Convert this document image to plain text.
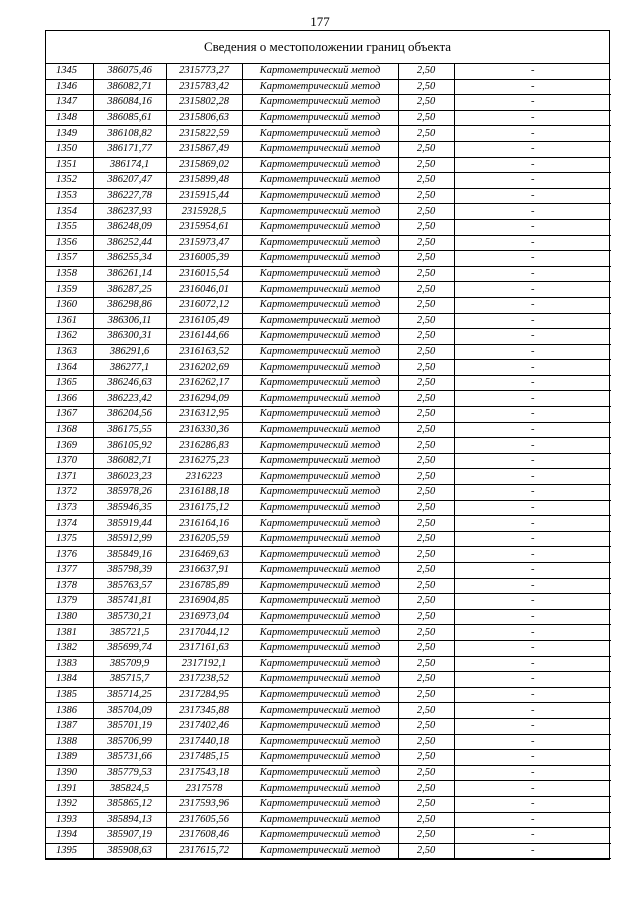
177
Сведения о местоположении границ объекта
1345	386075,46	2315773,27	Картометрический метод	2,50	-
1346	386082,71	2315783,42	Картометрический метод	2,50	-
1347	386084,16	2315802,28	Картометрический метод	2,50	-
1348	386085,61	2315806,63	Картометрический метод	2,50	-
1349	386108,82	2315822,59	Картометрический метод	2,50	-
1350	386171,77	2315867,49	Картометрический метод	2,50	-
1351	386174,1	2315869,02	Картометрический метод	2,50	-
1352	386207,47	2315899,48	Картометрический метод	2,50	-
1353	386227,78	2315915,44	Картометрический метод	2,50	-
1354	386237,93	2315928,5	Картометрический метод	2,50	-
1355	386248,09	2315954,61	Картометрический метод	2,50	-
1356	386252,44	2315973,47	Картометрический метод	2,50	-
1357	386255,34	2316005,39	Картометрический метод	2,50	-
1358	386261,14	2316015,54	Картометрический метод	2,50	-
1359	386287,25	2316046,01	Картометрический метод	2,50	-
1360	386298,86	2316072,12	Картометрический метод	2,50	-
1361	386306,11	2316105,49	Картометрический метод	2,50	-
1362	386300,31	2316144,66	Картометрический метод	2,50	-
1363	386291,6	2316163,52	Картометрический метод	2,50	-
1364	386277,1	2316202,69	Картометрический метод	2,50	-
1365	386246,63	2316262,17	Картометрический метод	2,50	-
1366	386223,42	2316294,09	Картометрический метод	2,50	-
1367	386204,56	2316312,95	Картометрический метод	2,50	-
1368	386175,55	2316330,36	Картометрический метод	2,50	-
1369	386105,92	2316286,83	Картометрический метод	2,50	-
1370	386082,71	2316275,23	Картометрический метод	2,50	-
1371	386023,23	2316223	Картометрический метод	2,50	-
1372	385978,26	2316188,18	Картометрический метод	2,50	-
1373	385946,35	2316175,12	Картометрический метод	2,50	-
1374	385919,44	2316164,16	Картометрический метод	2,50	-
1375	385912,99	2316205,59	Картометрический метод	2,50	-
1376	385849,16	2316469,63	Картометрический метод	2,50	-
1377	385798,39	2316637,91	Картометрический метод	2,50	-
1378	385763,57	2316785,89	Картометрический метод	2,50	-
1379	385741,81	2316904,85	Картометрический метод	2,50	-
1380	385730,21	2316973,04	Картометрический метод	2,50	-
1381	385721,5	2317044,12	Картометрический метод	2,50	-
1382	385699,74	2317161,63	Картометрический метод	2,50	-
1383	385709,9	2317192,1	Картометрический метод	2,50	-
1384	385715,7	2317238,52	Картометрический метод	2,50	-
1385	385714,25	2317284,95	Картометрический метод	2,50	-
1386	385704,09	2317345,88	Картометрический метод	2,50	-
1387	385701,19	2317402,46	Картометрический метод	2,50	-
1388	385706,99	2317440,18	Картометрический метод	2,50	-
1389	385731,66	2317485,15	Картометрический метод	2,50	-
1390	385779,53	2317543,18	Картометрический метод	2,50	-
1391	385824,5	2317578	Картометрический метод	2,50	-
1392	385865,12	2317593,96	Картометрический метод	2,50	-
1393	385894,13	2317605,56	Картометрический метод	2,50	-
1394	385907,19	2317608,46	Картометрический метод	2,50	-
1395	385908,63	2317615,72	Картометрический метод	2,50	-
